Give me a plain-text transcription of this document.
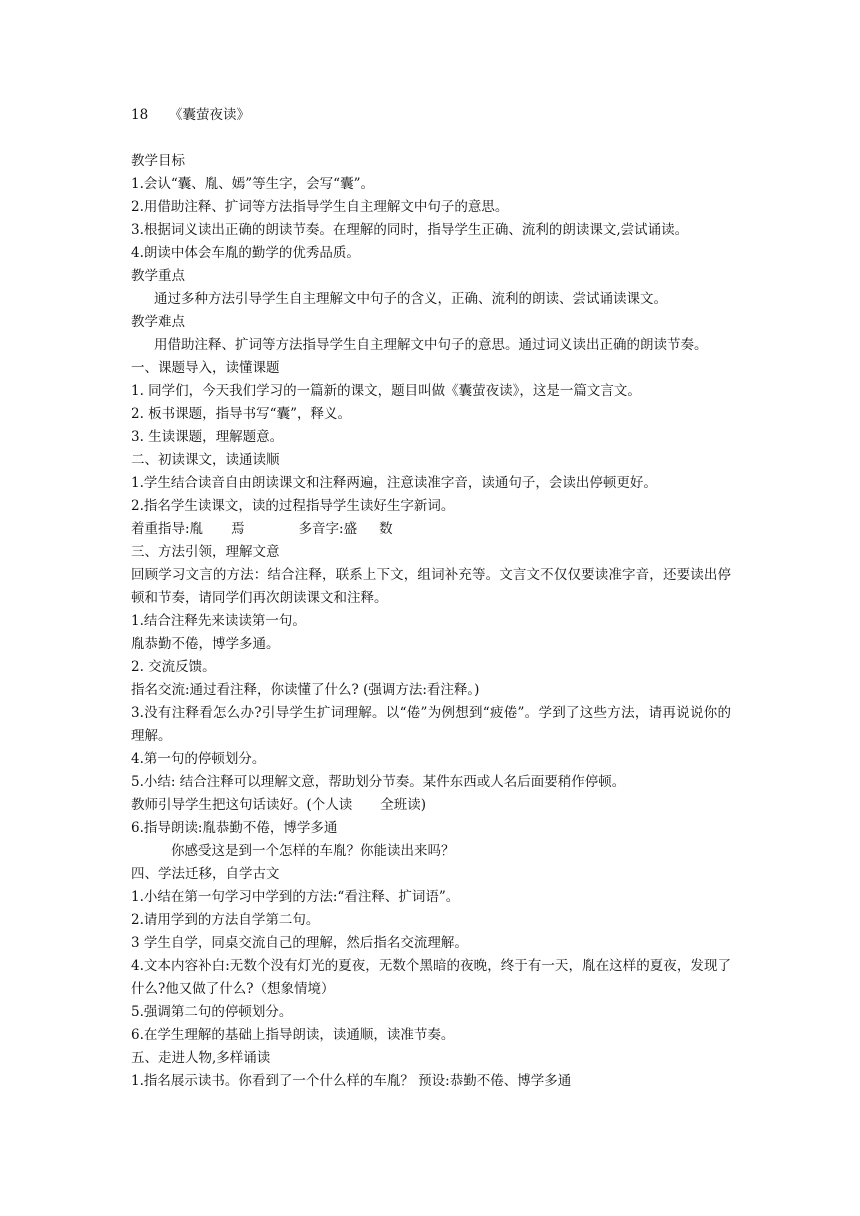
18 《囊萤夜读》
教学目标
1.会认“囊、胤、嫣”等生字，会写“囊”。
2.用借助注释、扩词等方法指导学生自主理解文中句子的意思。
3.根据词义读出正确的朗读节奏。在理解的同时，指导学生正确、流利的朗读课文,尝试诵读。
4.朗读中体会车胤的勤学的优秀品质。
教学重点
通过多种方法引导学生自主理解文中句子的含义，正确、流利的朗读、尝试诵读课文。
教学难点
用借助注释、扩词等方法指导学生自主理解文中句子的意思。通过词义读出正确的朗读节奏。
一、课题导入，读懂课题
1. 同学们，今天我们学习的一篇新的课文，题目叫做《囊萤夜读》，这是一篇文言文。
2. 板书课题，指导书写“囊”，释义。
3. 生读课题，理解题意。
二、初读课文，读通读顺
1.学生结合读音自由朗读课文和注释两遍，注意读准字音，读通句子，会读出停顿更好。
2.指名学生读课文，读的过程指导学生读好生字新词。
着重指导:胤 焉	多音字:盛 数
三、方法引领，理解文意
回顾学习文言的方法：结合注释，联系上下文，组词补充等。文言文不仅仅要读准字音，还要读出停顿和节奏，请同学们再次朗读课文和注释。
1.结合注释先来读读第一句。
胤恭勤不倦，博学多通。
2. 交流反馈。
指名交流:通过看注释，你读懂了什么? (强调方法:看注释。)
3.没有注释看怎么办?引导学生扩词理解。以“倦”为例想到“疲倦”。学到了这些方法，请再说说你的理解。
4.第一句的停顿划分。
5.小结: 结合注释可以理解文意，帮助划分节奏。某件东西或人名后面要稍作停顿。
教师引导学生把这句话读好。(个人读 全班读)
6.指导朗读:胤恭勤不倦，博学多通
你感受这是到一个怎样的车胤？你能读出来吗？
四、学法迁移，自学古文
1.小结在第一句学习中学到的方法:“看注释、扩词语”。
2.请用学到的方法自学第二句。
3 学生自学，同桌交流自己的理解，然后指名交流理解。
4.文本内容补白:无数个没有灯光的夏夜，无数个黑暗的夜晚，终于有一天，胤在这样的夏夜，发现了什么?他又做了什么?（想象情境）
5.强调第二句的停顿划分。
6.在学生理解的基础上指导朗读，读通顺，读准节奏。
五、走进人物,多样诵读
1.指名展示读书。你看到了一个什么样的车胤？ 预设:恭勤不倦、博学多通
